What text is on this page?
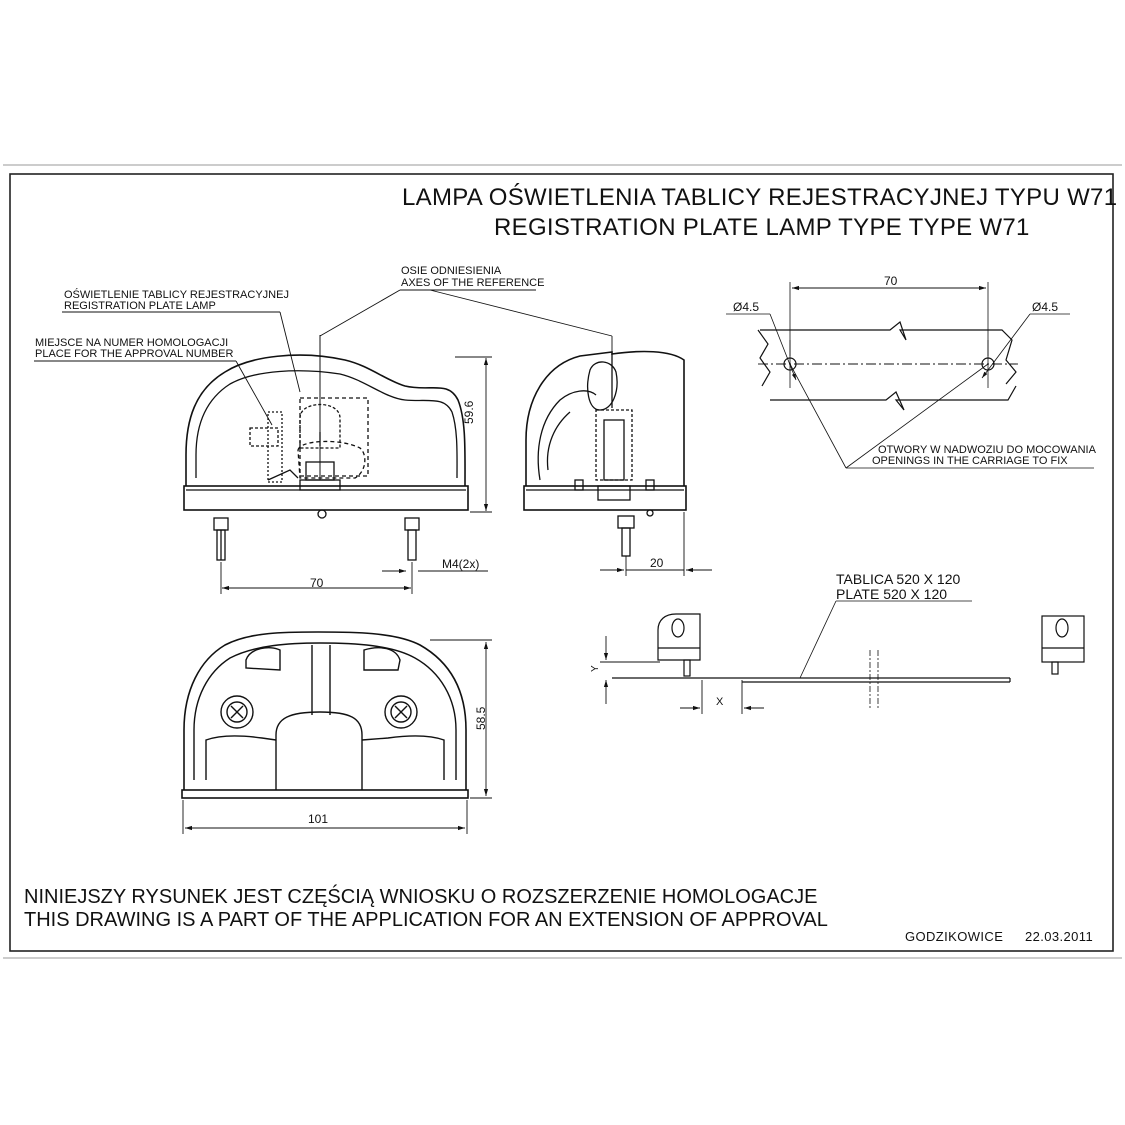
LAMPA OŚWIETLENIA TABLICY REJESTRACYJNEJ TYPU W71
REGISTRATION PLATE LAMP TYPE TYPE W71
OSIE ODNIESIENIA
AXES OF THE REFERENCE
OŚWIETLENIE TABLICY REJESTRACYJNEJ
REGISTRATION PLATE LAMP
MIEJSCE NA NUMER HOMOLOGACJI
PLACE FOR THE APPROVAL NUMBER
OTWORY W NADWOZIU DO MOCOWANIA
OPENINGS IN THE CARRIAGE TO FIX
TABLICA 520 X 120
PLATE 520 X 120
59.6
70
M4(2x)	20
70
Ø4.5	Ø4.5
58.5
101
Y
X
NINIEJSZY RYSUNEK JEST CZĘŚCIĄ WNIOSKU O ROZSZERZENIE HOMOLOGACJE
THIS DRAWING IS A PART OF THE APPLICATION FOR AN EXTENSION OF APPROVAL
GODZIKOWICE 22.03.2011
